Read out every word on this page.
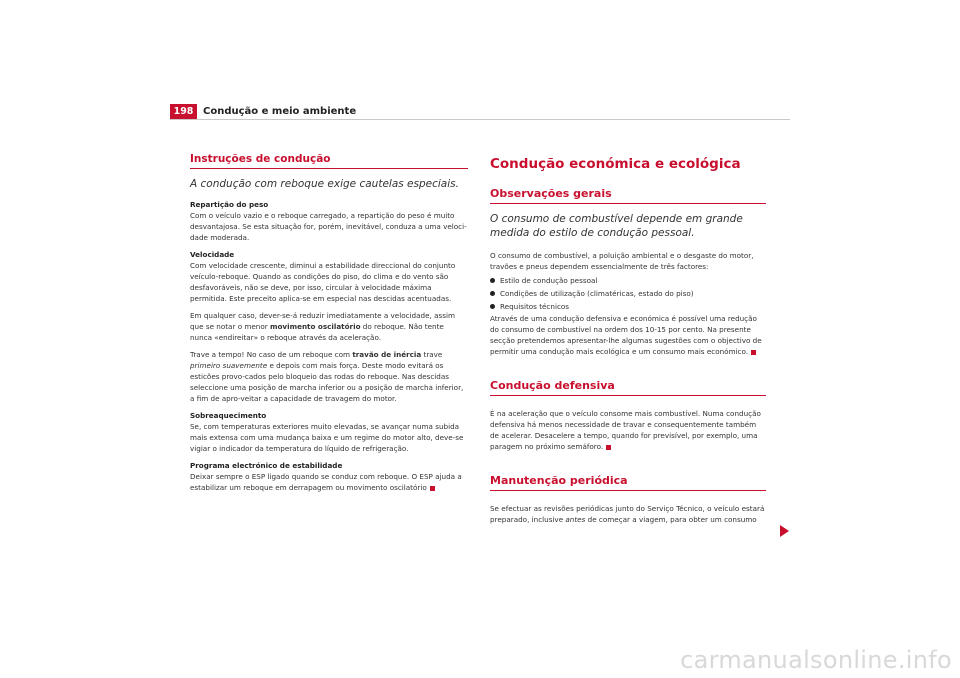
198 Condução e meio ambiente
Instruções de condução
A condução com reboque exige cautelas especiais.
Repartição do peso

Com o veículo vazio e o reboque carregado, a repartição do peso é muito desvantajosa. Se esta situação for, porém, inevitável, conduza a uma veloci-dade moderada.

Velocidade

Com velocidade crescente, diminui a estabilidade direccional do conjunto veículo-reboque. Quando as condições do piso, do clima e do vento são desfavoráveis, não se deve, por isso, circular à velocidade máxima permitida. Este preceito aplica-se em especial nas descidas acentuadas.

Em qualquer caso, dever-se-á reduzir imediatamente a velocidade, assim que se notar o menor movimento oscilatório do reboque. Não tente nunca «endireitar» o reboque através da aceleração.

Trave a tempo! No caso de um reboque com travão de inércia trave primeiro suavemente e depois com mais força. Deste modo evitará os esticões provo-cados pelo bloqueio das rodas do reboque. Nas descidas seleccione uma posição de marcha inferior ou a posição de marcha inferior, a fim de apro-veitar a capacidade de travagem do motor.

Sobreaquecimento

Se, com temperaturas exteriores muito elevadas, se avançar numa subida mais extensa com uma mudança baixa e um regime do motor alto, deve-se vigiar o indicador da temperatura do líquido de refrigeração.

Programa electrónico de estabilidade

Deixar sempre o ESP ligado quando se conduz com reboque. O ESP ajuda a estabilizar um reboque em derrapagem ou movimento oscilatório

Condução económica e ecológica
Observações gerais
O consumo de combustível depende em grande medida do estilo de condução pessoal.

O consumo de combustível, a poluição ambiental e o desgaste do motor, travões e pneus dependem essencialmente de três factores:

Estilo de condução pessoal
Condições de utilização (climatéricas, estado do piso)
Requisitos técnicos

Através de uma condução defensiva e económica é possível uma redução do consumo de combustível na ordem dos 10-15 por cento. Na presente secção pretendemos apresentar-lhe algumas sugestões com o objectivo de permitir uma condução mais ecológica e um consumo mais económico.

Condução defensiva

É na aceleração que o veículo consome mais combustível. Numa condução defensiva há menos necessidade de travar e consequentemente também de acelerar. Desacelere a tempo, quando for previsível, por exemplo, uma paragem no próximo semáforo.

Manutenção periódica

Se efectuar as revisões periódicas junto do Serviço Técnico, o veículo estará preparado, inclusive antes de começar a viagem, para obter um consumo

carmanualsonline.info
